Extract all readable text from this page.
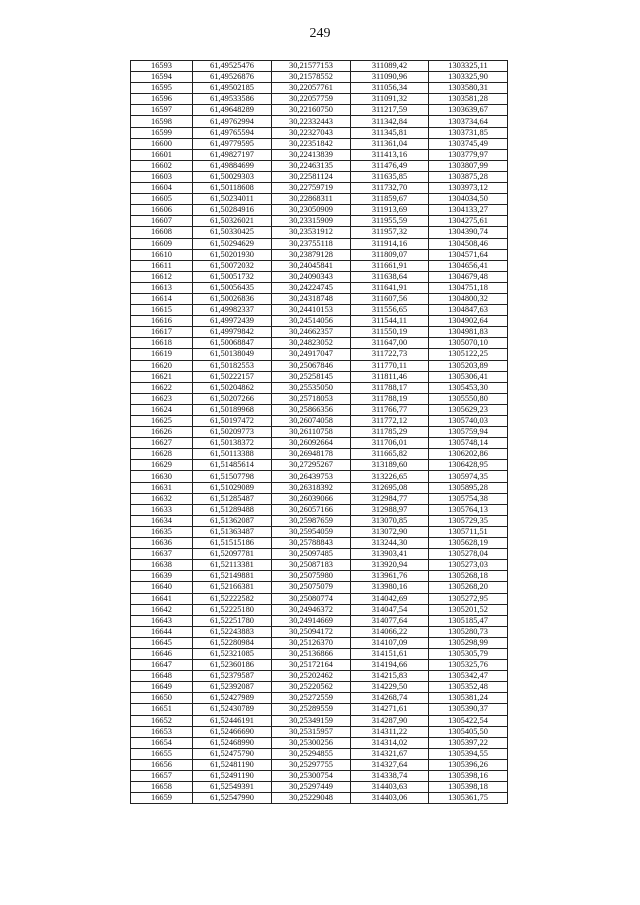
249
16593	61,49525476	30,21577153	311089,42	1303325,11
16594	61,49526876	30,21578552	311090,96	1303325,90
16595	61,49502185	30,22057761	311056,34	1303580,31
16596	61,49533586	30,22057759	311091,32	1303581,28
16597	61,49648289	30,22160750	311217,59	1303639,67
16598	61,49762994	30,22332443	311342,84	1303734,64
16599	61,49765594	30,22327043	311345,81	1303731,85
16600	61,49779595	30,22351842	311361,04	1303745,49
16601	61,49827197	30,22413839	311413,16	1303779,97
16602	61,49884699	30,22463135	311476,49	1303807,99
16603	61,50029303	30,22581124	311635,85	1303875,28
16604	61,50118608	30,22759719	311732,70	1303973,12
16605	61,50234011	30,22868311	311859,67	1304034,50
16606	61,50284916	30,23050909	311913,69	1304133,27
16607	61,50326021	30,23315909	311955,59	1304275,61
16608	61,50330425	30,23531912	311957,32	1304390,74
16609	61,50294629	30,23755118	311914,16	1304508,46
16610	61,50201930	30,23879128	311809,07	1304571,64
16611	61,50072032	30,24045841	311661,91	1304656,41
16612	61,50051732	30,24090343	311638,64	1304679,48
16613	61,50056435	30,24224745	311641,91	1304751,18
16614	61,50026836	30,24318748	311607,56	1304800,32
16615	61,49982337	30,24410153	311556,65	1304847,63
16616	61,49972439	30,24514056	311544,11	1304902,64
16617	61,49979842	30,24662357	311550,19	1304981,83
16618	61,50068847	30,24823052	311647,00	1305070,10
16619	61,50138049	30,24917047	311722,73	1305122,25
16620	61,50182553	30,25067846	311770,11	1305203,89
16621	61,50222157	30,25258145	311811,46	1305306,41
16622	61,50204862	30,25535050	311788,17	1305453,30
16623	61,50207266	30,25718053	311788,19	1305550,80
16624	61,50189968	30,25866356	311766,77	1305629,23
16625	61,50197472	30,26074058	311772,12	1305740,03
16626	61,50209773	30,26110758	311785,29	1305759,94
16627	61,50138372	30,26092664	311706,01	1305748,14
16628	61,50113388	30,26948178	311665,82	1306202,86
16629	61,51485614	30,27295267	313189,60	1306428,95
16630	61,51507798	30,26439753	313226,65	1305974,35
16631	61,51029089	30,26318392	312695,08	1305895,28
16632	61,51285487	30,26039066	312984,77	1305754,38
16633	61,51289488	30,26057166	312988,97	1305764,13
16634	61,51362087	30,25987659	313070,85	1305729,35
16635	61,51363487	30,25954059	313072,90	1305711,51
16636	61,51515186	30,25788843	313244,30	1305628,19
16637	61,52097781	30,25097485	313903,41	1305278,04
16638	61,52113381	30,25087183	313920,94	1305273,03
16639	61,52149881	30,25075980	313961,76	1305268,18
16640	61,52166381	30,25075079	313980,16	1305268,20
16641	61,52222582	30,25080774	314042,69	1305272,95
16642	61,52225180	30,24946372	314047,54	1305201,52
16643	61,52251780	30,24914669	314077,64	1305185,47
16644	61,52243883	30,25094172	314066,22	1305280,73
16645	61,52280984	30,25126370	314107,09	1305298,99
16646	61,52321085	30,25136866	314151,61	1305305,79
16647	61,52360186	30,25172164	314194,66	1305325,76
16648	61,52379587	30,25202462	314215,83	1305342,47
16649	61,52392087	30,25220562	314229,50	1305352,48
16650	61,52427989	30,25272559	314268,74	1305381,24
16651	61,52430789	30,25289559	314271,61	1305390,37
16652	61,52446191	30,25349159	314287,90	1305422,54
16653	61,52466690	30,25315957	314311,22	1305405,50
16654	61,52468990	30,25300256	314314,02	1305397,22
16655	61,52475790	30,25294855	314321,67	1305394,55
16656	61,52481190	30,25297755	314327,64	1305396,26
16657	61,52491190	30,25300754	314338,74	1305398,16
16658	61,52549391	30,25297449	314403,63	1305398,18
16659	61,52547990	30,25229048	314403,06	1305361,75
